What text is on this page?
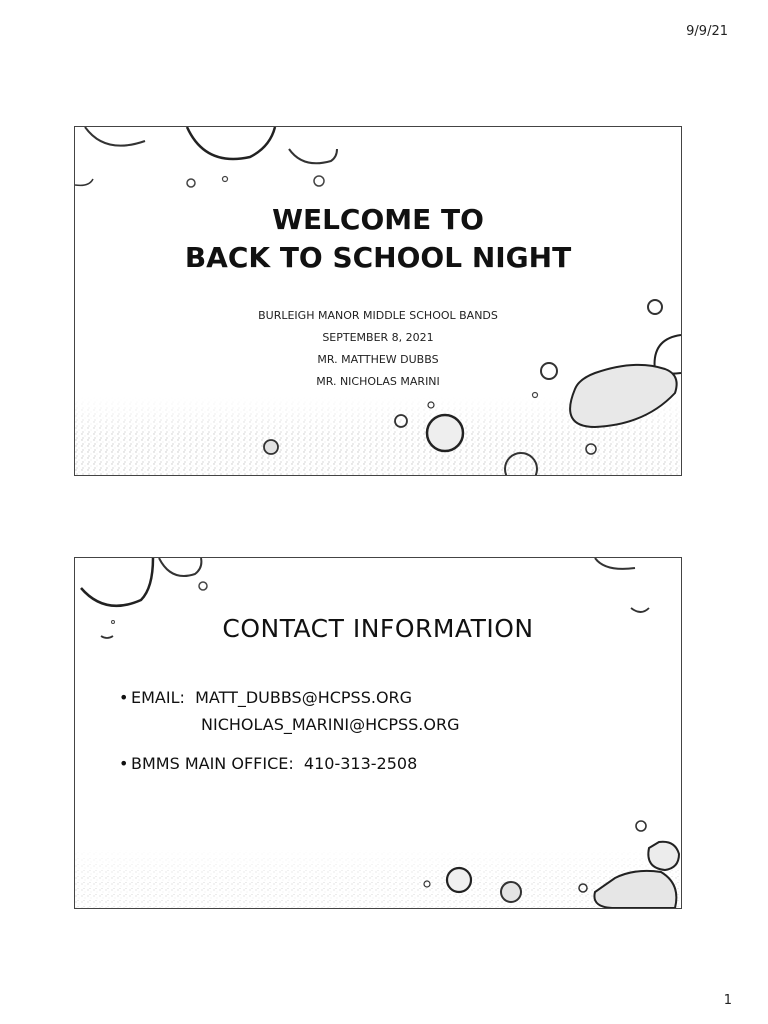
9/9/21
WELCOME TO
BACK TO SCHOOL NIGHT
BURLEIGH MANOR MIDDLE SCHOOL BANDS
SEPTEMBER 8, 2021
MR. MATTHEW DUBBS
MR. NICHOLAS MARINI
CONTACT INFORMATION
• EMAIL: MATT_DUBBS@HCPSS.ORG
NICHOLAS_MARINI@HCPSS.ORG
• BMMS MAIN OFFICE: 410-313-2508
1
